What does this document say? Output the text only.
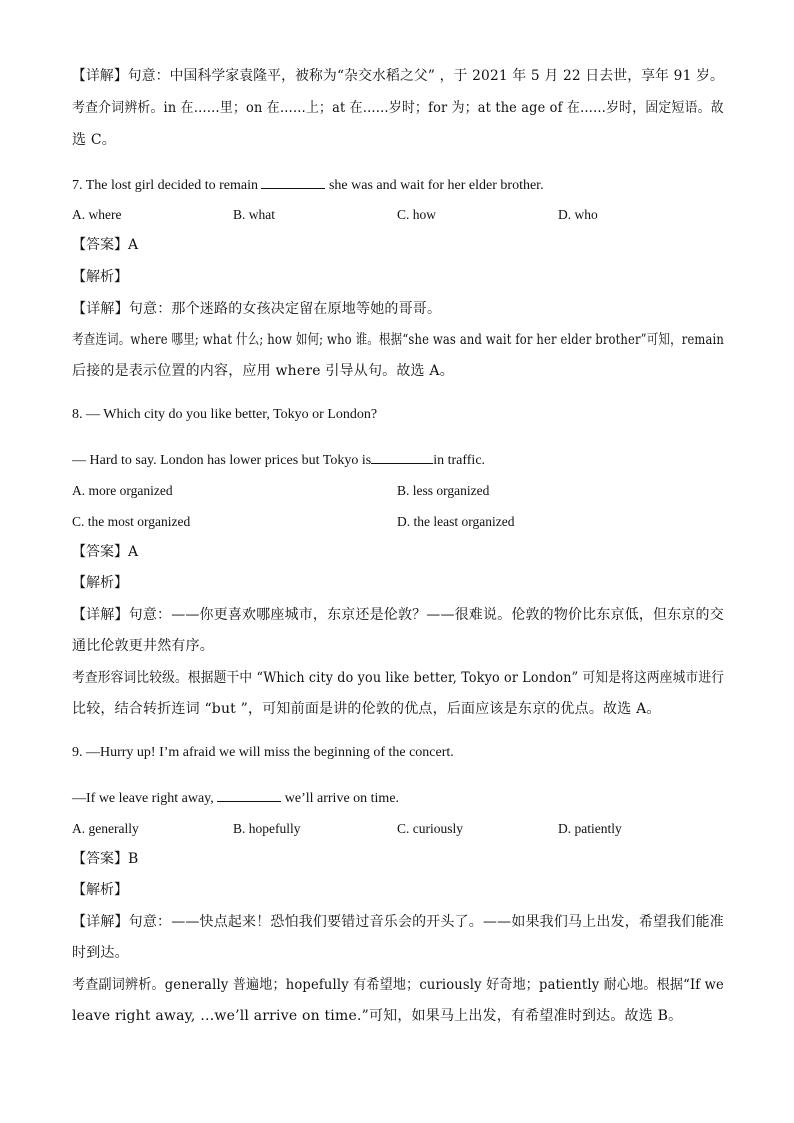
【详解】句意：中国科学家袁隆平，被称为“杂交水稻之父” ，于 2021 年 5 月 22 日去世，享年 91 岁。
考查介词辨析。in 在……里；on 在……上；at 在……岁时；for 为；at the age of 在……岁时，固定短语。故
选 C。
7. The lost girl decided to remain	she was and wait for her elder brother.
A. where	B. what	C. how	D. who
【答案】A
【解析】
【详解】句意：那个迷路的女孩决定留在原地等她的哥哥。
考查连词。where 哪里; what 什么; how 如何; who 谁。根据“she was and wait for her elder brother”可知，remain
后接的是表示位置的内容，应用 where 引导从句。故选 A。
8. — Which city do you like better, Tokyo or London?
— Hard to say. London has lower prices but Tokyo is	in traffic.
A. more organized	B. less organized
C. the most organized	D. the least organized
【答案】A
【解析】
【详解】句意：——你更喜欢哪座城市，东京还是伦敦？——很难说。伦敦的物价比东京低，但东京的交
通比伦敦更井然有序。
考查形容词比较级。根据题干中 “Which city do you like better, Tokyo or London” 可知是将这两座城市进行
比较，结合转折连词 “but ”，可知前面是讲的伦敦的优点，后面应该是东京的优点。故选 A。
9. —Hurry up! I’m afraid we will miss the beginning of the concert.
—If we leave right away,	we’ll arrive on time.
A. generally	B. hopefully	C. curiously	D. patiently
【答案】B
【解析】
【详解】句意：——快点起来！恐怕我们要错过音乐会的开头了。——如果我们马上出发，希望我们能准
时到达。
考查副词辨析。generally 普遍地；hopefully 有希望地；curiously 好奇地；patiently 耐心地。根据“If we
leave right away, …we’ll arrive on time.”可知，如果马上出发，有希望准时到达。故选 B。
